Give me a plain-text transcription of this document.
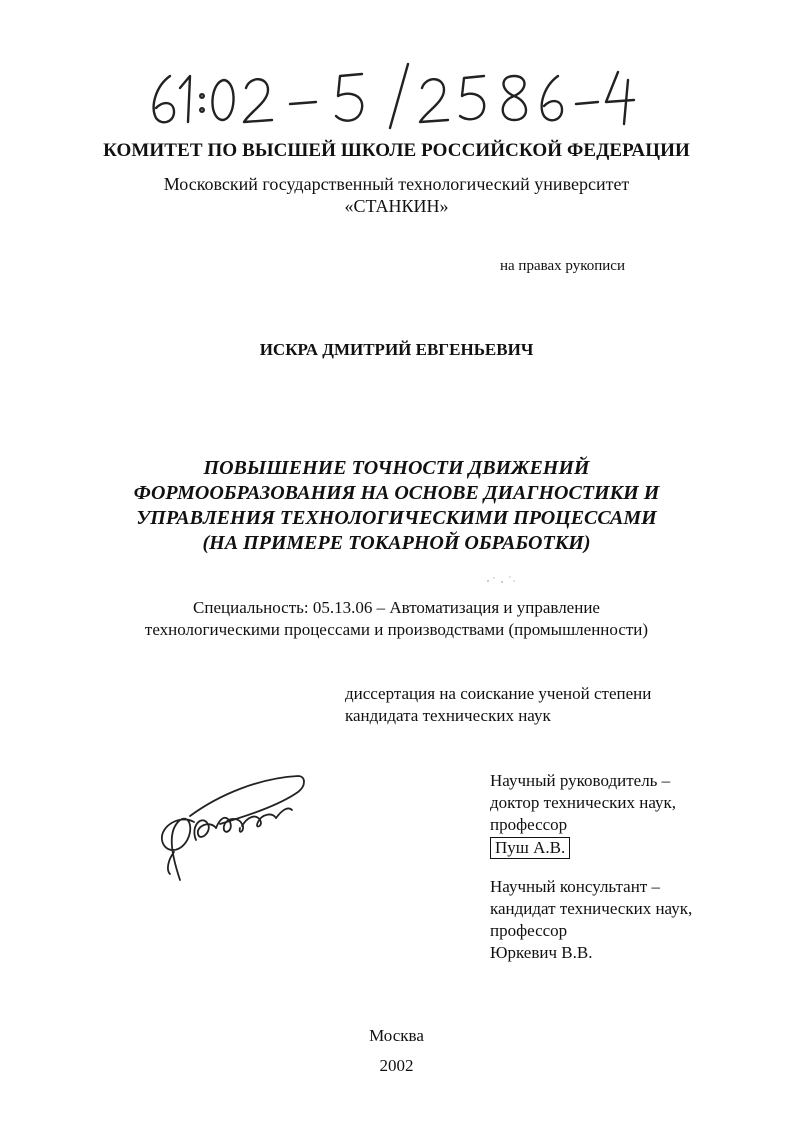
61:02-5/2586-4
КОМИТЕТ ПО ВЫСШЕЙ ШКОЛЕ РОССИЙСКОЙ ФЕДЕРАЦИИ
Московский государственный технологический университет
«СТАНКИН»
на правах рукописи
ИСКРА ДМИТРИЙ ЕВГЕНЬЕВИЧ
ПОВЫШЕНИЕ ТОЧНОСТИ ДВИЖЕНИЙ
ФОРМООБРАЗОВАНИЯ НА ОСНОВЕ ДИАГНОСТИКИ И
УПРАВЛЕНИЯ ТЕХНОЛОГИЧЕСКИМИ ПРОЦЕССАМИ
(НА ПРИМЕРЕ ТОКАРНОЙ ОБРАБОТКИ)
Специальность: 05.13.06 – Автоматизация и управление
технологическими процессами и производствами (промышленности)
диссертация на соискание ученой степени
кандидата технических наук
Научный руководитель –
доктор технических наук,
профессор
Пуш А.В.
Научный консультант –
кандидат технических наук,
профессор
Юркевич В.В.
Москва
2002
